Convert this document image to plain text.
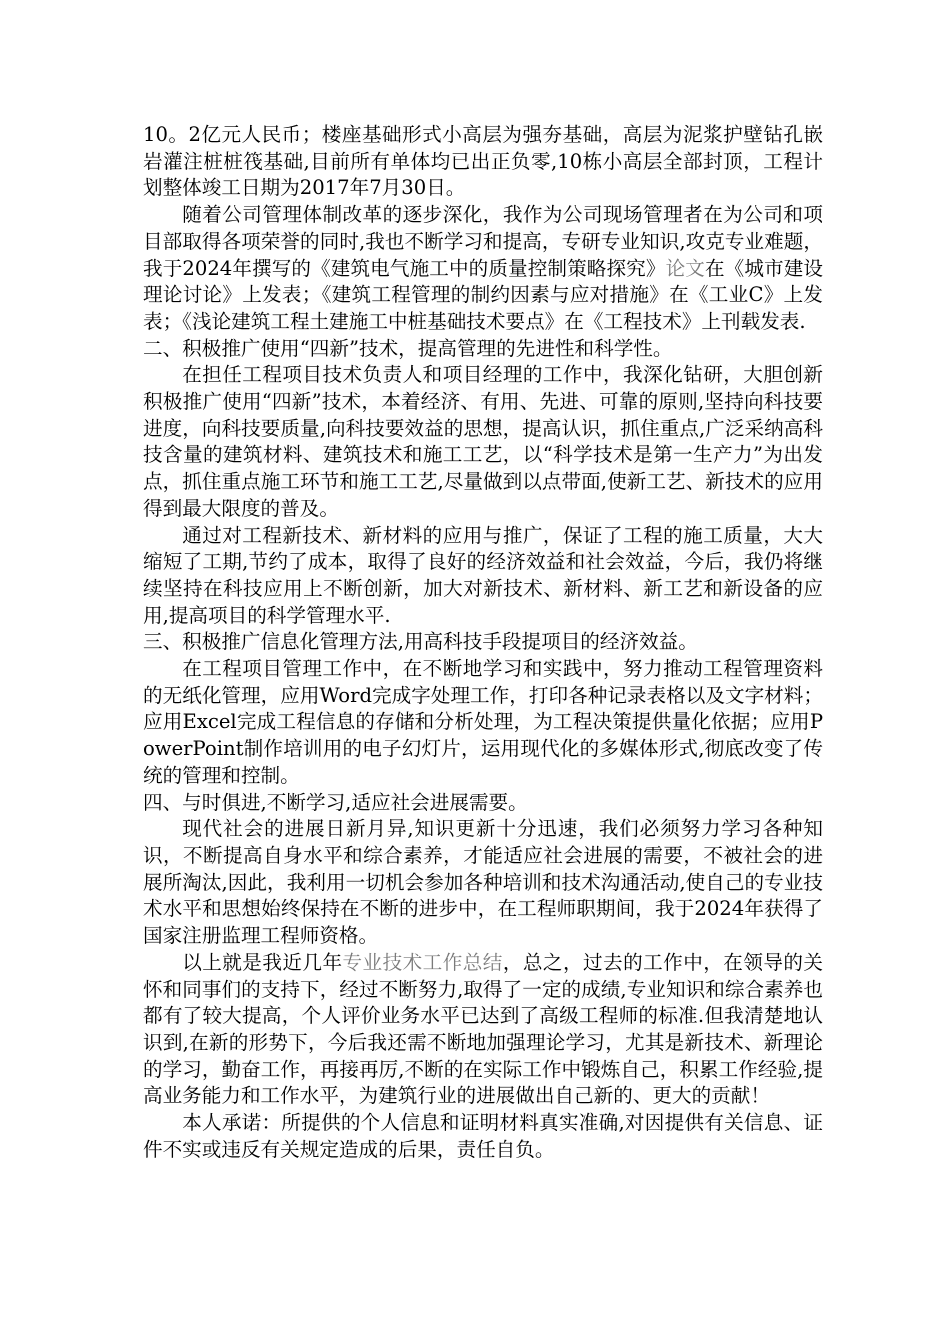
10。2亿元人民币；楼座基础形式小高层为强夯基础，高层为泥浆护壁钻孔嵌岩灌注桩桩筏基础,目前所有单体均已出正负零,10栋小高层全部封顶，工程计划整体竣工日期为2017年7月30日。

随着公司管理体制改革的逐步深化，我作为公司现场管理者在为公司和项目部取得各项荣誉的同时,我也不断学习和提高，专研专业知识,攻克专业难题，我于2024年撰写的《建筑电气施工中的质量控制策略探究》论文在《城市建设理论讨论》上发表；《建筑工程管理的制约因素与应对措施》在《工业C》上发表；《浅论建筑工程土建施工中桩基础技术要点》在《工程技术》上刊载发表.

二、积极推广使用“四新”技术，提高管理的先进性和科学性。

在担任工程项目技术负责人和项目经理的工作中，我深化钻研，大胆创新积极推广使用“四新”技术，本着经济、有用、先进、可靠的原则,坚持向科技要进度，向科技要质量,向科技要效益的思想，提高认识，抓住重点,广泛采纳高科技含量的建筑材料、建筑技术和施工工艺，以“科学技术是第一生产力”为出发点，抓住重点施工环节和施工工艺,尽量做到以点带面,使新工艺、新技术的应用得到最大限度的普及。

通过对工程新技术、新材料的应用与推广，保证了工程的施工质量，大大缩短了工期,节约了成本，取得了良好的经济效益和社会效益，今后，我仍将继续坚持在科技应用上不断创新，加大对新技术、新材料、新工艺和新设备的应用,提高项目的科学管理水平.

三、积极推广信息化管理方法,用高科技手段提项目的经济效益。

在工程项目管理工作中，在不断地学习和实践中，努力推动工程管理资料的无纸化管理，应用Word完成字处理工作，打印各种记录表格以及文字材料；应用Excel完成工程信息的存储和分析处理，为工程决策提供量化依据；应用PowerPoint制作培训用的电子幻灯片，运用现代化的多媒体形式,彻底改变了传统的管理和控制。

四、与时俱进,不断学习,适应社会进展需要。

现代社会的进展日新月异,知识更新十分迅速，我们必须努力学习各种知识，不断提高自身水平和综合素养，才能适应社会进展的需要，不被社会的进展所淘汰,因此，我利用一切机会参加各种培训和技术沟通活动,使自己的专业技术水平和思想始终保持在不断的进步中，在工程师职期间，我于2024年获得了国家注册监理工程师资格。

以上就是我近几年专业技术工作总结，总之，过去的工作中，在领导的关怀和同事们的支持下，经过不断努力,取得了一定的成绩,专业知识和综合素养也都有了较大提高，个人评价业务水平已达到了高级工程师的标准.但我清楚地认识到,在新的形势下，今后我还需不断地加强理论学习，尤其是新技术、新理论的学习，勤奋工作，再接再厉,不断的在实际工作中锻炼自己，积累工作经验,提高业务能力和工作水平，为建筑行业的进展做出自己新的、更大的贡献！

本人承诺：所提供的个人信息和证明材料真实准确,对因提供有关信息、证件不实或违反有关规定造成的后果，责任自负。
